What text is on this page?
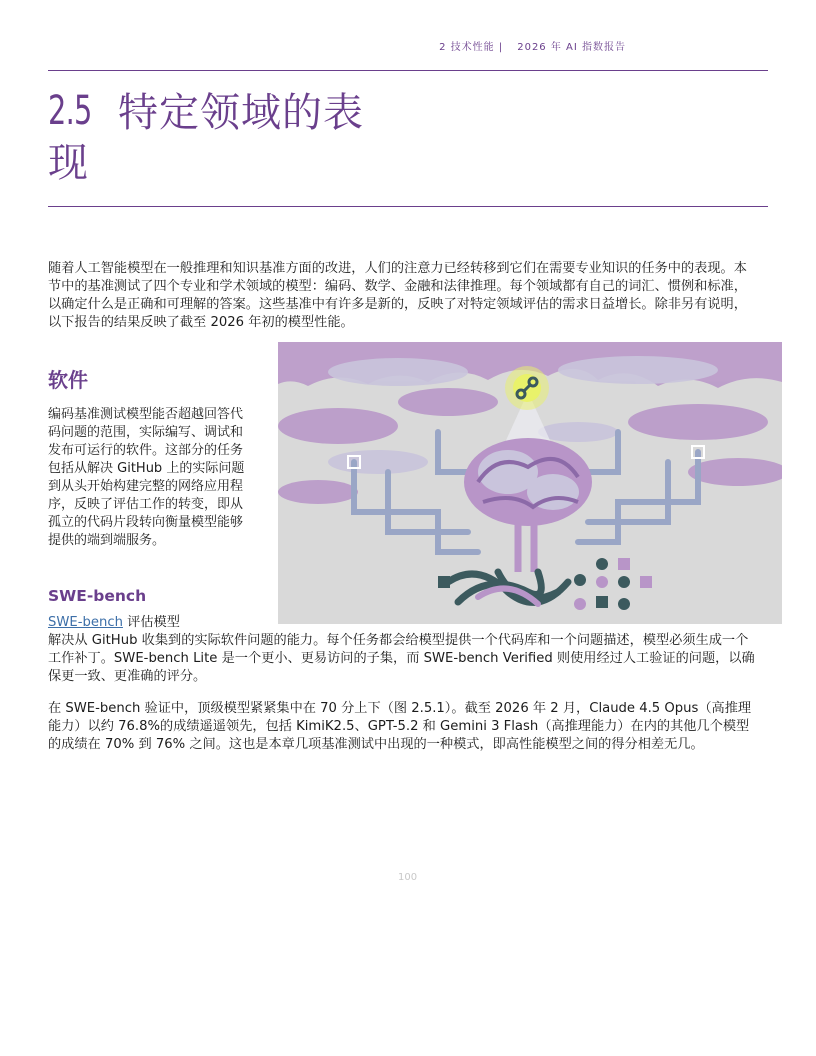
2 技术性能 | 2026 年 AI 指数报告
2.5 特定领域的表现

随着人工智能模型在一般推理和知识基准方面的改进，人们的注意力已经转移到它们在需要专业知识的任务中的表现。本节中的基准测试了四个专业和学术领域的模型：编码、数学、金融和法律推理。每个领域都有自己的词汇、惯例和标准，以确定什么是正确和可理解的答案。这些基准中有许多是新的，反映了对特定领域评估的需求日益增长。除非另有说明，以下报告的结果反映了截至 2026 年初的模型性能。

软件

编码基准测试模型能否超越回答代码问题的范围，实际编写、调试和发布可运行的软件。这部分的任务包括从解决 GitHub 上的实际问题到从头开始构建完整的网络应用程序，反映了评估工作的转变，即从孤立的代码片段转向衡量模型能够提供的端到端服务。

SWE-bench
SWE-bench 评估模型

解决从 GitHub 收集到的实际软件问题的能力。每个任务都会给模型提供一个代码库和一个问题描述，模型必须生成一个工作补丁。SWE-bench Lite 是一个更小、更易访问的子集，而 SWE-bench Verified 则使用经过人工验证的问题，以确保更一致、更准确的评分。

在 SWE-bench 验证中，顶级模型紧紧集中在 70 分上下（图 2.5.1）。截至 2026 年 2 月，Claude 4.5 Opus（高推理能力）以约 76.8%的成绩遥遥领先，包括 KimiK2.5、GPT-5.2 和 Gemini 3 Flash（高推理能力）在内的其他几个模型的成绩在 70% 到 76% 之间。这也是本章几项基准测试中出现的一种模式，即高性能模型之间的得分相差无几。

100
